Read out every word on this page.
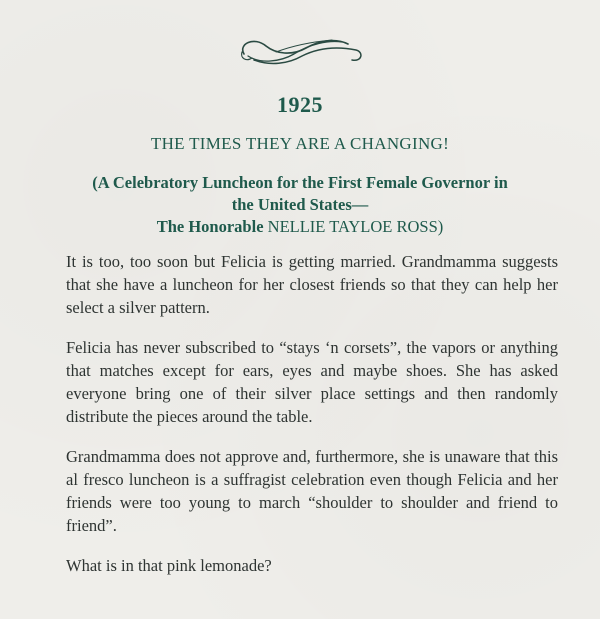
1925
THE TIMES THEY ARE A CHANGING!
(A Celebratory Luncheon for the First Female Governor in
the United States—
The Honorable NELLIE TAYLOE ROSS)

It is too, too soon but Felicia is getting married. Grandmamma suggests that she have a luncheon for her closest friends so that they can help her select a silver pattern.

Felicia has never subscribed to “stays ‘n corsets”, the vapors or anything that matches except for ears, eyes and maybe shoes. She has asked everyone bring one of their silver place settings and then randomly distribute the pieces around the table.

Grandmamma does not approve and, furthermore, she is unaware that this al fresco luncheon is a suffragist celebration even though Felicia and her friends were too young to march “shoulder to shoulder and friend to friend”.

What is in that pink lemonade?
